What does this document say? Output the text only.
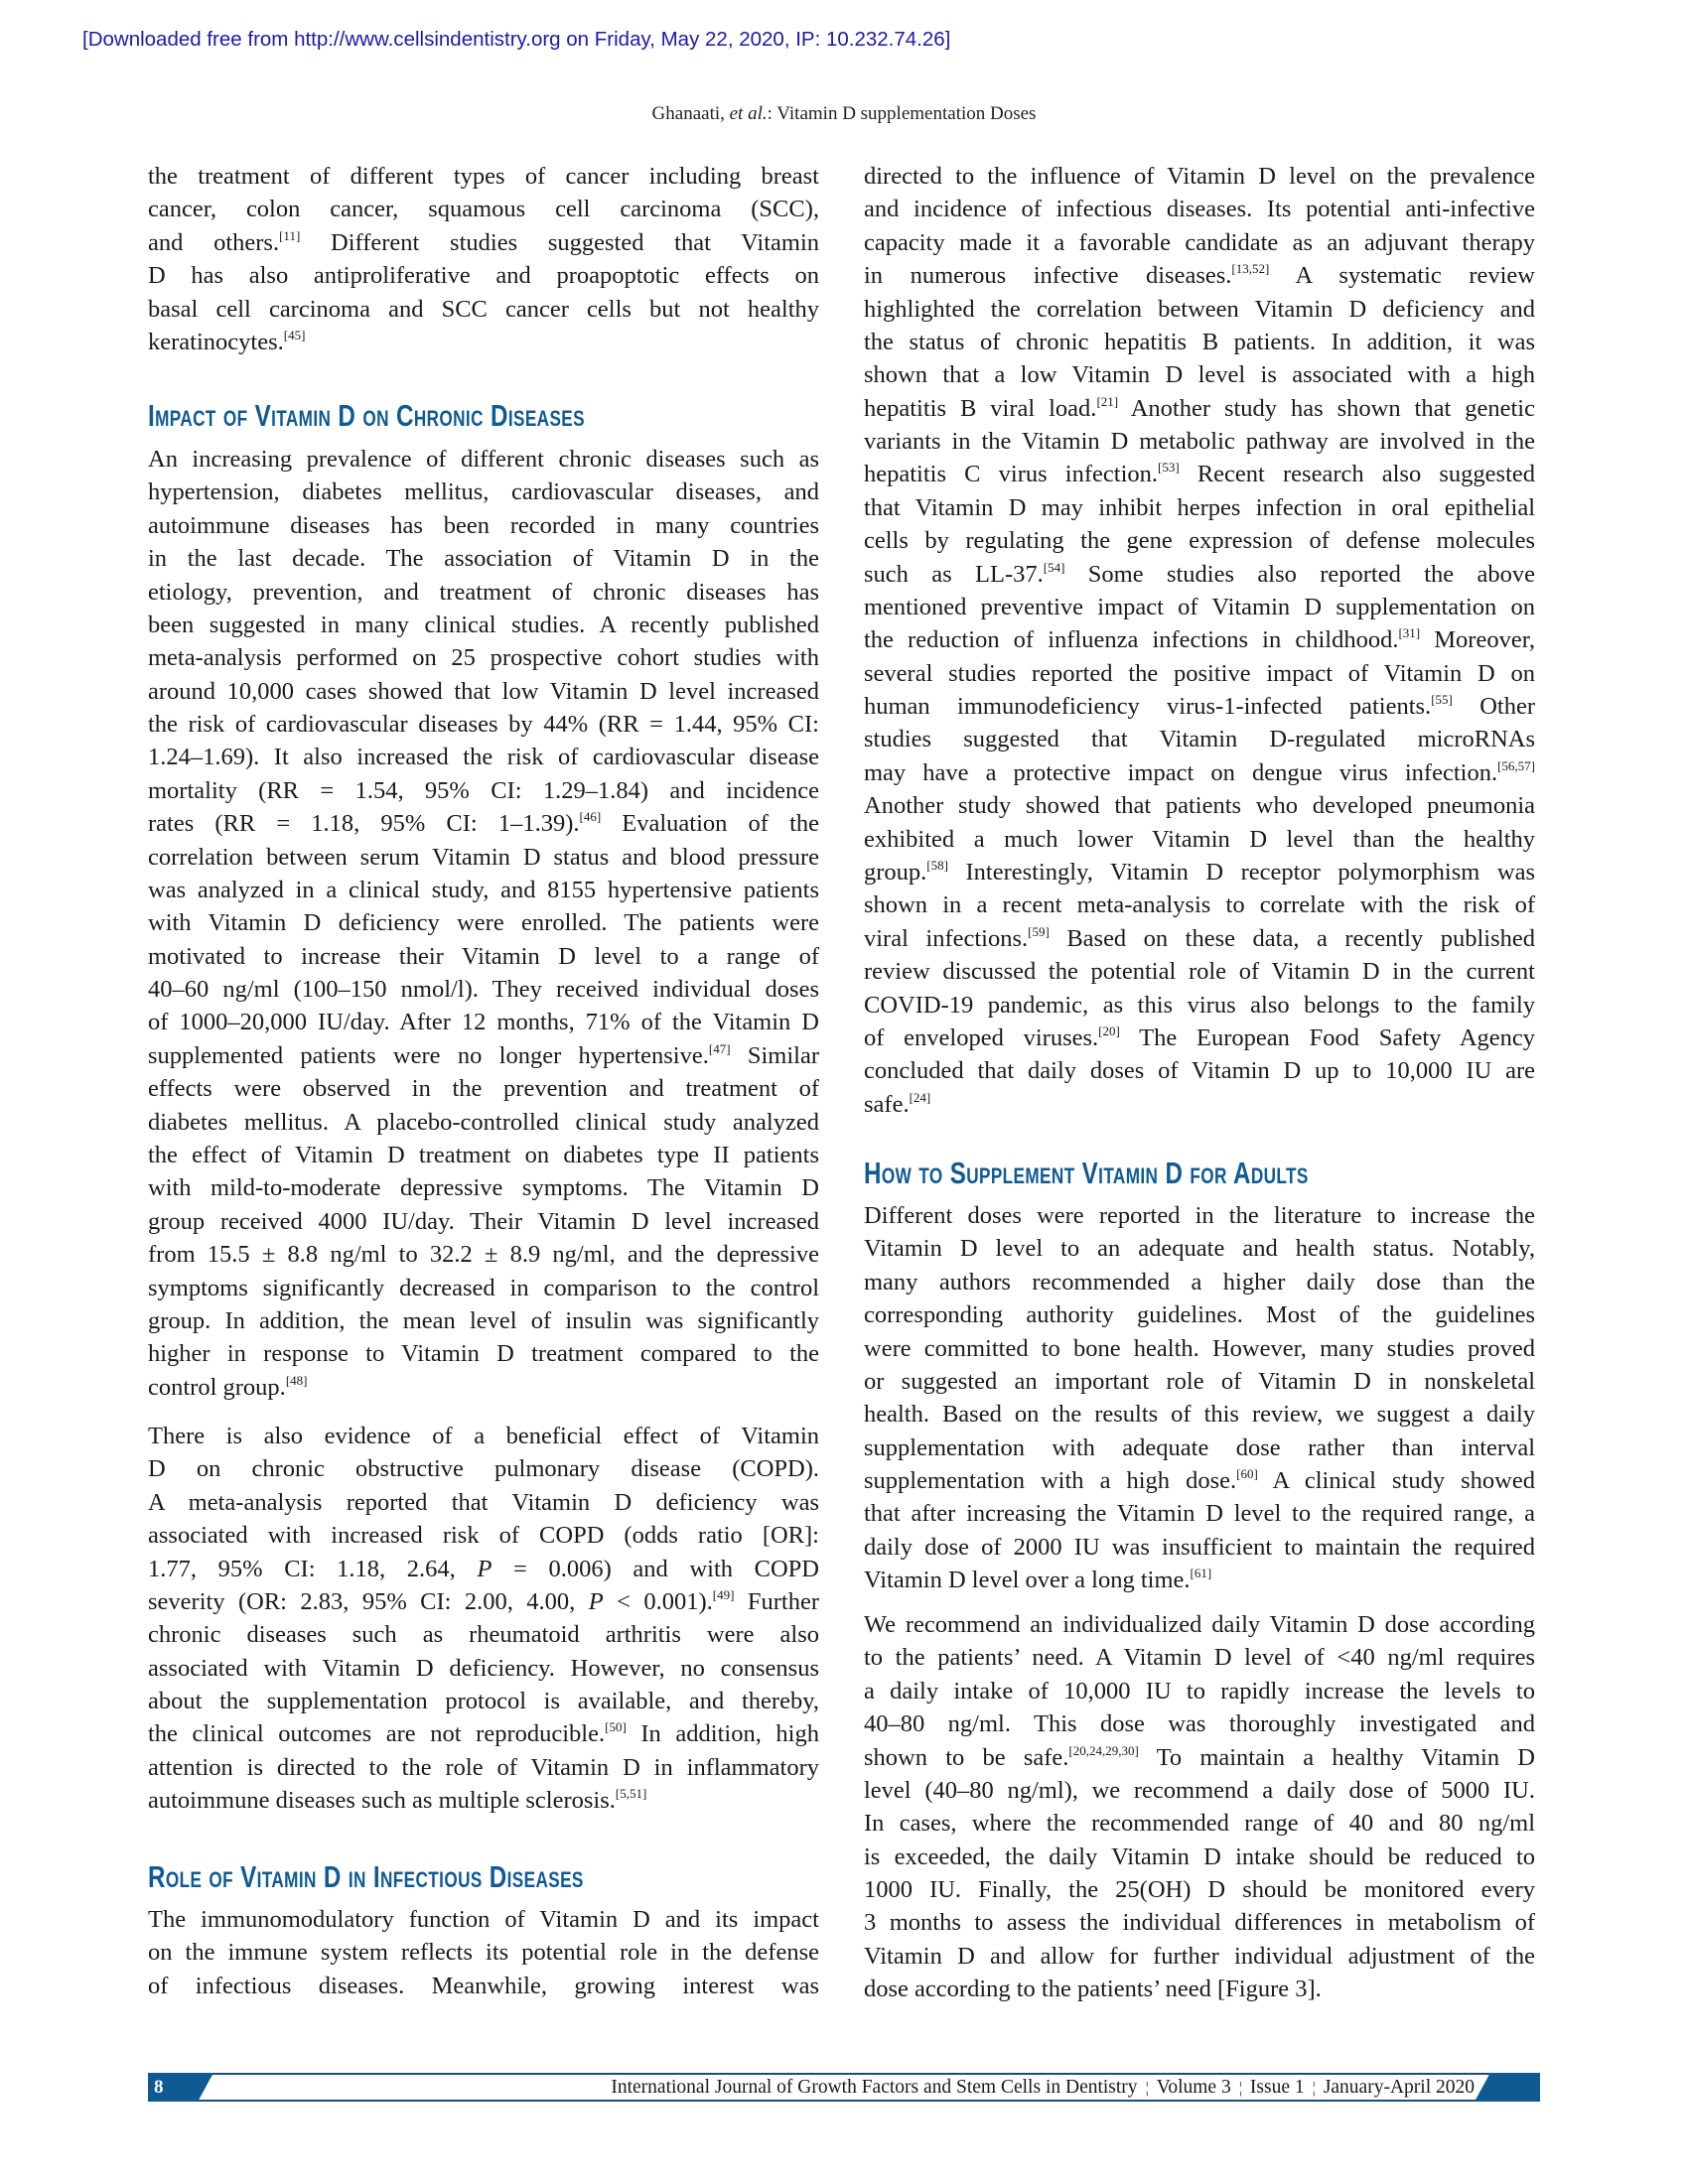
[Downloaded free from http://www.cellsindentistry.org on Friday, May 22, 2020, IP: 10.232.74.26]
Ghanaati, et al.: Vitamin D supplementation Doses
the treatment of different types of cancer including breast
cancer, colon cancer, squamous cell carcinoma (SCC),
and others.[11] Different studies suggested that Vitamin
D has also antiproliferative and proapoptotic effects on
basal cell carcinoma and SCC cancer cells but not healthy
keratinocytes.[45]
Impact of Vitamin D on Chronic Diseases
An increasing prevalence of different chronic diseases such as
hypertension, diabetes mellitus, cardiovascular diseases, and
autoimmune diseases has been recorded in many countries
in the last decade. The association of Vitamin D in the
etiology, prevention, and treatment of chronic diseases has
been suggested in many clinical studies. A recently published
meta-analysis performed on 25 prospective cohort studies with
around 10,000 cases showed that low Vitamin D level increased
the risk of cardiovascular diseases by 44% (RR = 1.44, 95% CI:
1.24–1.69). It also increased the risk of cardiovascular disease
mortality (RR = 1.54, 95% CI: 1.29–1.84) and incidence
rates (RR = 1.18, 95% CI: 1–1.39).[46] Evaluation of the
correlation between serum Vitamin D status and blood pressure
was analyzed in a clinical study, and 8155 hypertensive patients
with Vitamin D deficiency were enrolled. The patients were
motivated to increase their Vitamin D level to a range of
40–60 ng/ml (100–150 nmol/l). They received individual doses
of 1000–20,000 IU/day. After 12 months, 71% of the Vitamin D
supplemented patients were no longer hypertensive.[47] Similar
effects were observed in the prevention and treatment of
diabetes mellitus. A placebo-controlled clinical study analyzed
the effect of Vitamin D treatment on diabetes type II patients
with mild-to-moderate depressive symptoms. The Vitamin D
group received 4000 IU/day. Their Vitamin D level increased
from 15.5 ± 8.8 ng/ml to 32.2 ± 8.9 ng/ml, and the depressive
symptoms significantly decreased in comparison to the control
group. In addition, the mean level of insulin was significantly
higher in response to Vitamin D treatment compared to the
control group.[48]
There is also evidence of a beneficial effect of Vitamin
D on chronic obstructive pulmonary disease (COPD).
A meta-analysis reported that Vitamin D deficiency was
associated with increased risk of COPD (odds ratio [OR]:
1.77, 95% CI: 1.18, 2.64, P = 0.006) and with COPD
severity (OR: 2.83, 95% CI: 2.00, 4.00, P < 0.001).[49] Further
chronic diseases such as rheumatoid arthritis were also
associated with Vitamin D deficiency. However, no consensus
about the supplementation protocol is available, and thereby,
the clinical outcomes are not reproducible.[50] In addition, high
attention is directed to the role of Vitamin D in inflammatory
autoimmune diseases such as multiple sclerosis.[5,51]
Role of Vitamin D in Infectious Diseases
The immunomodulatory function of Vitamin D and its impact
on the immune system reflects its potential role in the defense
of infectious diseases. Meanwhile, growing interest was
directed to the influence of Vitamin D level on the prevalence
and incidence of infectious diseases. Its potential anti-infective
capacity made it a favorable candidate as an adjuvant therapy
in numerous infective diseases.[13,52] A systematic review
highlighted the correlation between Vitamin D deficiency and
the status of chronic hepatitis B patients. In addition, it was
shown that a low Vitamin D level is associated with a high
hepatitis B viral load.[21] Another study has shown that genetic
variants in the Vitamin D metabolic pathway are involved in the
hepatitis C virus infection.[53] Recent research also suggested
that Vitamin D may inhibit herpes infection in oral epithelial
cells by regulating the gene expression of defense molecules
such as LL-37.[54] Some studies also reported the above
mentioned preventive impact of Vitamin D supplementation on
the reduction of influenza infections in childhood.[31] Moreover,
several studies reported the positive impact of Vitamin D on
human immunodeficiency virus-1-infected patients.[55] Other
studies suggested that Vitamin D-regulated microRNAs
may have a protective impact on dengue virus infection.[56,57]
Another study showed that patients who developed pneumonia
exhibited a much lower Vitamin D level than the healthy
group.[58] Interestingly, Vitamin D receptor polymorphism was
shown in a recent meta-analysis to correlate with the risk of
viral infections.[59] Based on these data, a recently published
review discussed the potential role of Vitamin D in the current
COVID-19 pandemic, as this virus also belongs to the family
of enveloped viruses.[20] The European Food Safety Agency
concluded that daily doses of Vitamin D up to 10,000 IU are
safe.[24]
How to Supplement Vitamin D for Adults
Different doses were reported in the literature to increase the
Vitamin D level to an adequate and health status. Notably,
many authors recommended a higher daily dose than the
corresponding authority guidelines. Most of the guidelines
were committed to bone health. However, many studies proved
or suggested an important role of Vitamin D in nonskeletal
health. Based on the results of this review, we suggest a daily
supplementation with adequate dose rather than interval
supplementation with a high dose.[60] A clinical study showed
that after increasing the Vitamin D level to the required range, a
daily dose of 2000 IU was insufficient to maintain the required
Vitamin D level over a long time.[61]
We recommend an individualized daily Vitamin D dose according
to the patients’ need. A Vitamin D level of <40 ng/ml requires
a daily intake of 10,000 IU to rapidly increase the levels to
40–80 ng/ml. This dose was thoroughly investigated and
shown to be safe.[20,24,29,30] To maintain a healthy Vitamin D
level (40–80 ng/ml), we recommend a daily dose of 5000 IU.
In cases, where the recommended range of 40 and 80 ng/ml
is exceeded, the daily Vitamin D intake should be reduced to
1000 IU. Finally, the 25(OH) D should be monitored every
3 months to assess the individual differences in metabolism of
Vitamin D and allow for further individual adjustment of the
dose according to the patients’ need [Figure 3].
8	International Journal of Growth Factors and Stem Cells in Dentistry ¦ Volume 3 ¦ Issue 1 ¦ January-April 2020
